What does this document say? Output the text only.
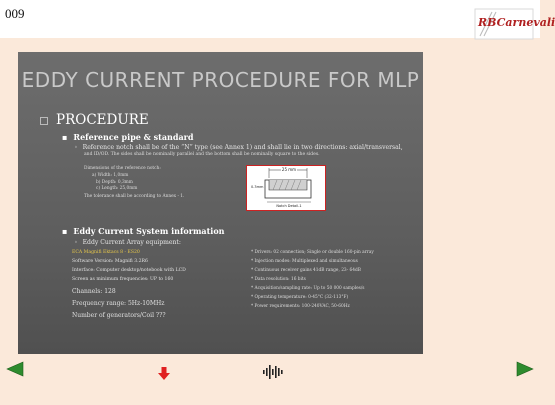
009
RBCarnevali
EDDY CURRENT PROCEDURE FOR MLP
PROCEDURE
▪ Reference pipe & standard
◦ Reference notch shall be of the “N” type (see Annex 1) and shall lie in two directions: axial/transversal,
and ID/OD. The sides shall be nominally parallel and the bottom shall be nominally square to the sides.
Dimensions of the reference notch:
a) Width: 1,0mm
b) Depth: 0,3mm
c) Length: 25,0mm
The tolerance shall be according to Annex - 1.
25 mm
0.3mm
Notch Detail-1
▪ Eddy Current System information
◦ Eddy Current Array equipment:
ECA Magnifi Ektacs 8 - ES20
Software Version: Magnifi 3.2R6
Interface: Computer desktop/notebook with LCD
Screen as minimum frequencies: UP to 160
Channels: 128
Frequency range: 5Hz-10MHz
Number of generators/Coil ???
* Drivers: 02 connection; Single or double 160-pin array
* Injection modes: Multiplexed and simultaneous
* Continuous receiver gains 41dB range, 23- 64dB
* Data resolution: 16 bits
* Acquisition/sampling rate: Up to 50 000 samples/s
* Operating temperature: 0-45°C (32-113°F)
* Power requirements: 100-240VAC, 50-60Hz
